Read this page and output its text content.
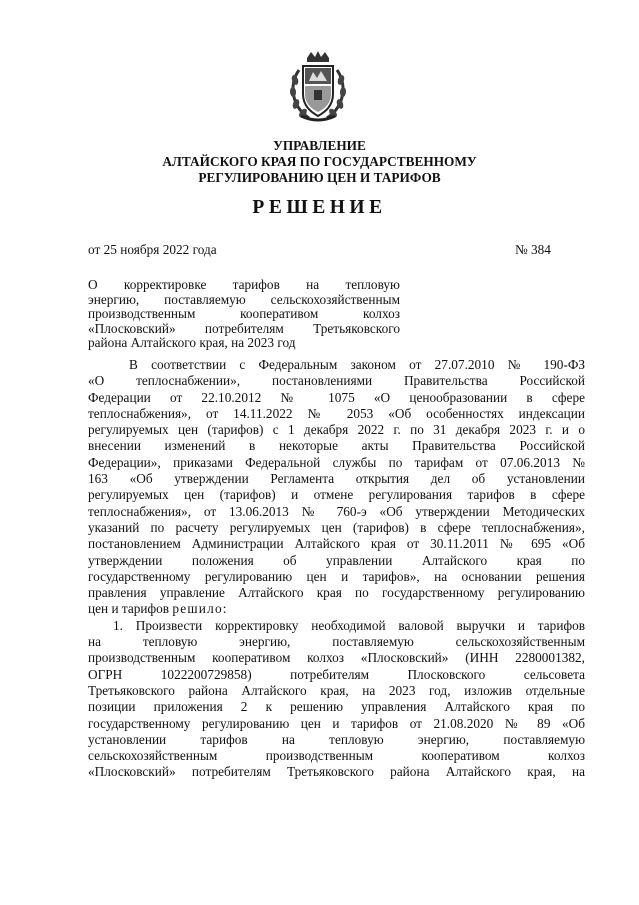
УПРАВЛЕНИЕ
АЛТАЙСКОГО КРАЯ ПО ГОСУДАРСТВЕННОМУ
РЕГУЛИРОВАНИЮ ЦЕН И ТАРИФОВ
РЕШЕНИЕ
от 25 ноября 2022 года	№ 384
О корректировке тарифов на тепловую
энергию, поставляемую сельскохозяйственным
производственным кооперативом колхоз
«Плосковский» потребителям Третьяковского
района Алтайского края, на 2023 год
В соответствии с Федеральным законом от 27.07.2010 № 190-ФЗ
«О теплоснабжении», постановлениями Правительства Российской
Федерации от 22.10.2012 № 1075 «О ценообразовании в сфере
теплоснабжения», от 14.11.2022 № 2053 «Об особенностях индексации
регулируемых цен (тарифов) с 1 декабря 2022 г. по 31 декабря 2023 г. и о
внесении изменений в некоторые акты Правительства Российской
Федерации», приказами Федеральной службы по тарифам от 07.06.2013 №
163 «Об утверждении Регламента открытия дел об установлении
регулируемых цен (тарифов) и отмене регулирования тарифов в сфере
теплоснабжения», от 13.06.2013 № 760-э «Об утверждении Методических
указаний по расчету регулируемых цен (тарифов) в сфере теплоснабжения»,
постановлением Администрации Алтайского края от 30.11.2011 № 695 «Об
утверждении положения об управлении Алтайского края по
государственному регулированию цен и тарифов», на основании решения
правления управление Алтайского края по государственному регулированию
цен и тарифов решило:
1. Произвести корректировку необходимой валовой выручки и тарифов
на тепловую энергию, поставляемую сельскохозяйственным
производственным кооперативом колхоз «Плосковский» (ИНН 2280001382,
ОГРН 1022200729858) потребителям Плосковского сельсовета
Третьяковского района Алтайского края, на 2023 год, изложив отдельные
позиции приложения 2 к решению управления Алтайского края по
государственному регулированию цен и тарифов от 21.08.2020 № 89 «Об
установлении тарифов на тепловую энергию, поставляемую
сельскохозяйственным производственным кооперативом колхоз
«Плосковский» потребителям Третьяковского района Алтайского края, на
